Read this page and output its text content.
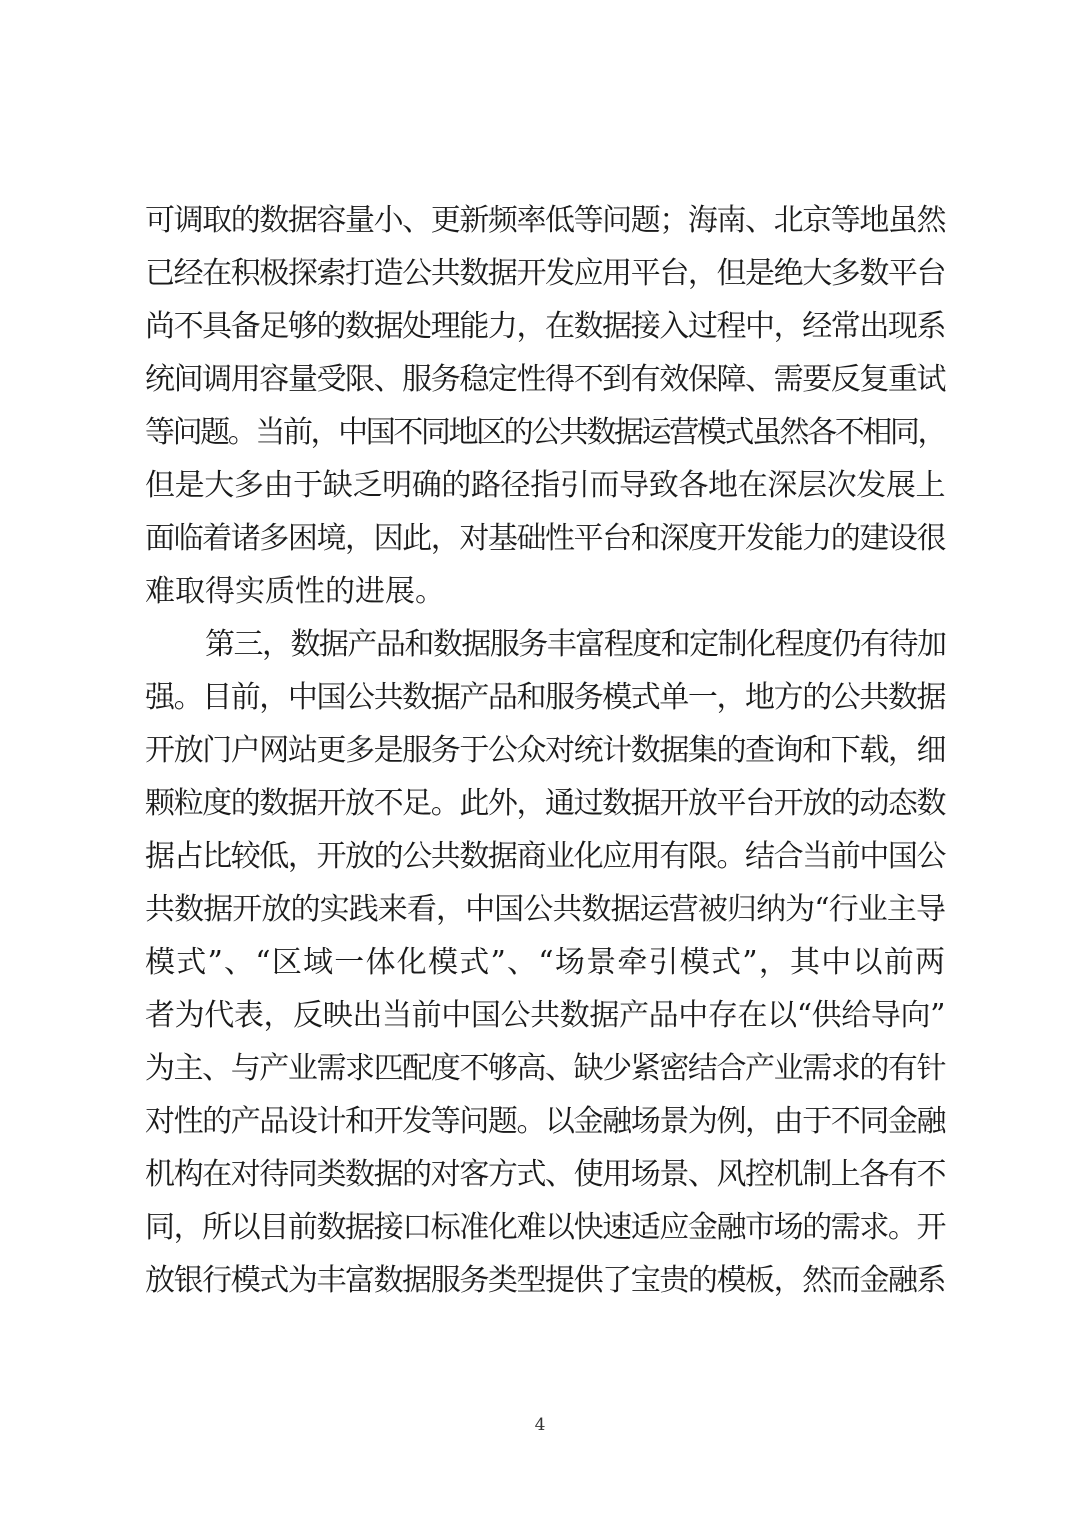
可调取的数据容量小、更新频率低等问题；海南、北京等地虽然
已经在积极探索打造公共数据开发应用平台，但是绝大多数平台
尚不具备足够的数据处理能力，在数据接入过程中，经常出现系
统间调用容量受限、服务稳定性得不到有效保障、需要反复重试
等问题。当前，中国不同地区的公共数据运营模式虽然各不相同，
但是大多由于缺乏明确的路径指引而导致各地在深层次发展上
面临着诸多困境，因此，对基础性平台和深度开发能力的建设很
难取得实质性的进展。
第三，数据产品和数据服务丰富程度和定制化程度仍有待加
强。目前，中国公共数据产品和服务模式单一，地方的公共数据
开放门户网站更多是服务于公众对统计数据集的查询和下载，细
颗粒度的数据开放不足。此外，通过数据开放平台开放的动态数
据占比较低，开放的公共数据商业化应用有限。结合当前中国公
共数据开放的实践来看，中国公共数据运营被归纳为“行业主导
模式”、“区域一体化模式”、“场景牵引模式”，其中以前两
者为代表，反映出当前中国公共数据产品中存在以“供给导向”
为主、与产业需求匹配度不够高、缺少紧密结合产业需求的有针
对性的产品设计和开发等问题。以金融场景为例，由于不同金融
机构在对待同类数据的对客方式、使用场景、风控机制上各有不
同，所以目前数据接口标准化难以快速适应金融市场的需求。开
放银行模式为丰富数据服务类型提供了宝贵的模板，然而金融系
4
